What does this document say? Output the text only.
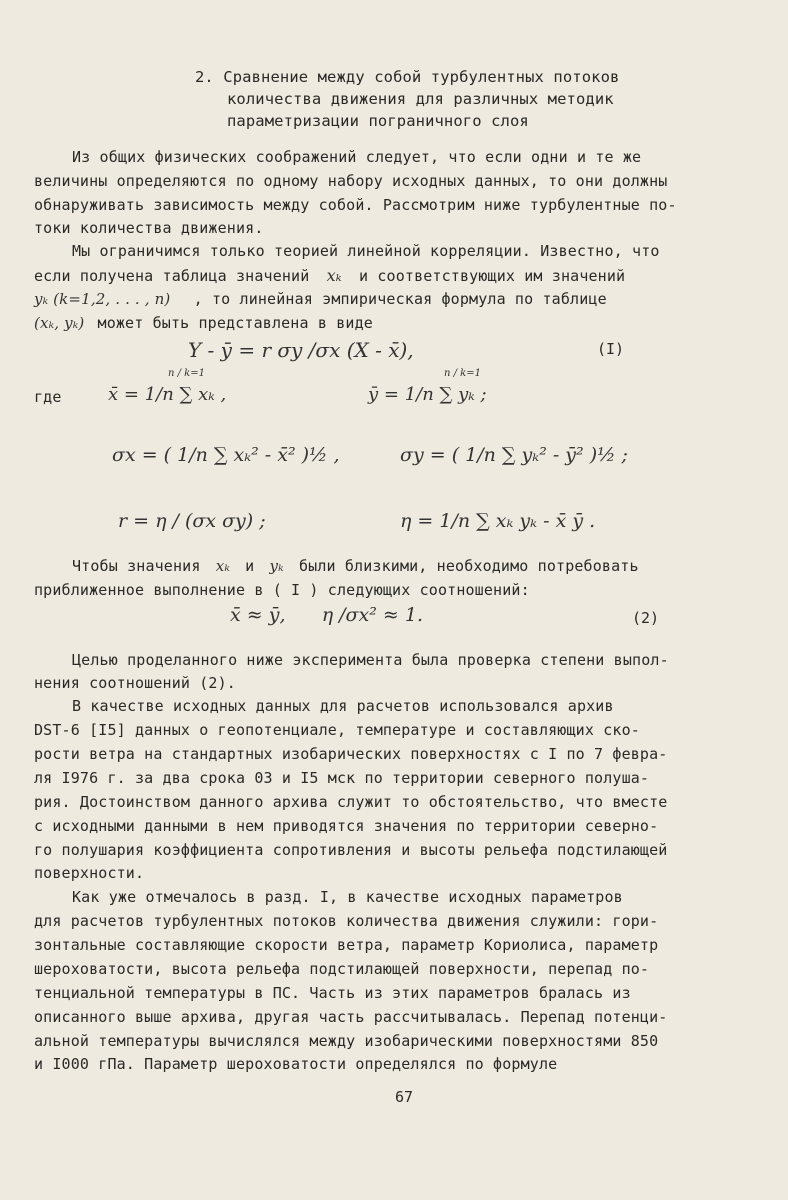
2. Сравнение между собой турбулентных потоков
количества движения для различных методик
параметризации пограничного слоя
Из общих физических соображений следует, что если одни и те же
величины определяются по одному набору исходных данных, то они должны
обнаруживать зависимость между собой. Рассмотрим ниже турбулентные по-
токи количества движения.
Мы ограничимся только теорией линейной корреляции. Известно, что
если получена таблица значений xₖ и соответствующих им значений
yₖ (k=1,2, . . . , n) , то линейная эмпирическая формула по таблице
(xₖ, yₖ) может быть представлена в виде
Y - ȳ = r σy /σx (X - x̄),	(I)
где	x̄ = 1/n ∑ xₖ ,
n / k=1
ȳ = 1/n ∑ yₖ ;
n / k=1
σx = ( 1/n ∑ xₖ² - x̄² )½ ,	σy = ( 1/n ∑ yₖ² - ȳ² )½ ;
r = η / (σx σy) ;	η = 1/n ∑ xₖ yₖ - x̄ ȳ .
Чтобы значения xₖ и yₖ были близкими, необходимо потребовать
приближенное выполнение в ( I ) следующих соотношений:
x̄ ≈ ȳ,      η /σx² ≈ 1.	(2)
Целью проделанного ниже эксперимента была проверка степени выпол-
нения соотношений (2).
В качестве исходных данных для расчетов использовался архив
DST-6 [I5] данных о геопотенциале, температуре и составляющих ско-
рости ветра на стандартных изобарических поверхностях с I по 7 февра-
ля I976 г. за два срока 03 и I5 мск по территории северного полуша-
рия. Достоинством данного архива служит то обстоятельство, что вместе
с исходными данными в нем приводятся значения по территории северно-
го полушария коэффициента сопротивления и высоты рельефа подстилающей
поверхности.
Как уже отмечалось в разд. I, в качестве исходных параметров
для расчетов турбулентных потоков количества движения служили: гори-
зонтальные составляющие скорости ветра, параметр Кориолиса, параметр
шероховатости, высота рельефа подстилающей поверхности, перепад по-
тенциальной температуры в ПС. Часть из этих параметров бралась из
описанного выше архива, другая часть рассчитывалась. Перепад потенци-
альной температуры вычислялся между изобарическими поверхностями 850
и I000 гПа. Параметр шероховатости определялся по формуле
67
